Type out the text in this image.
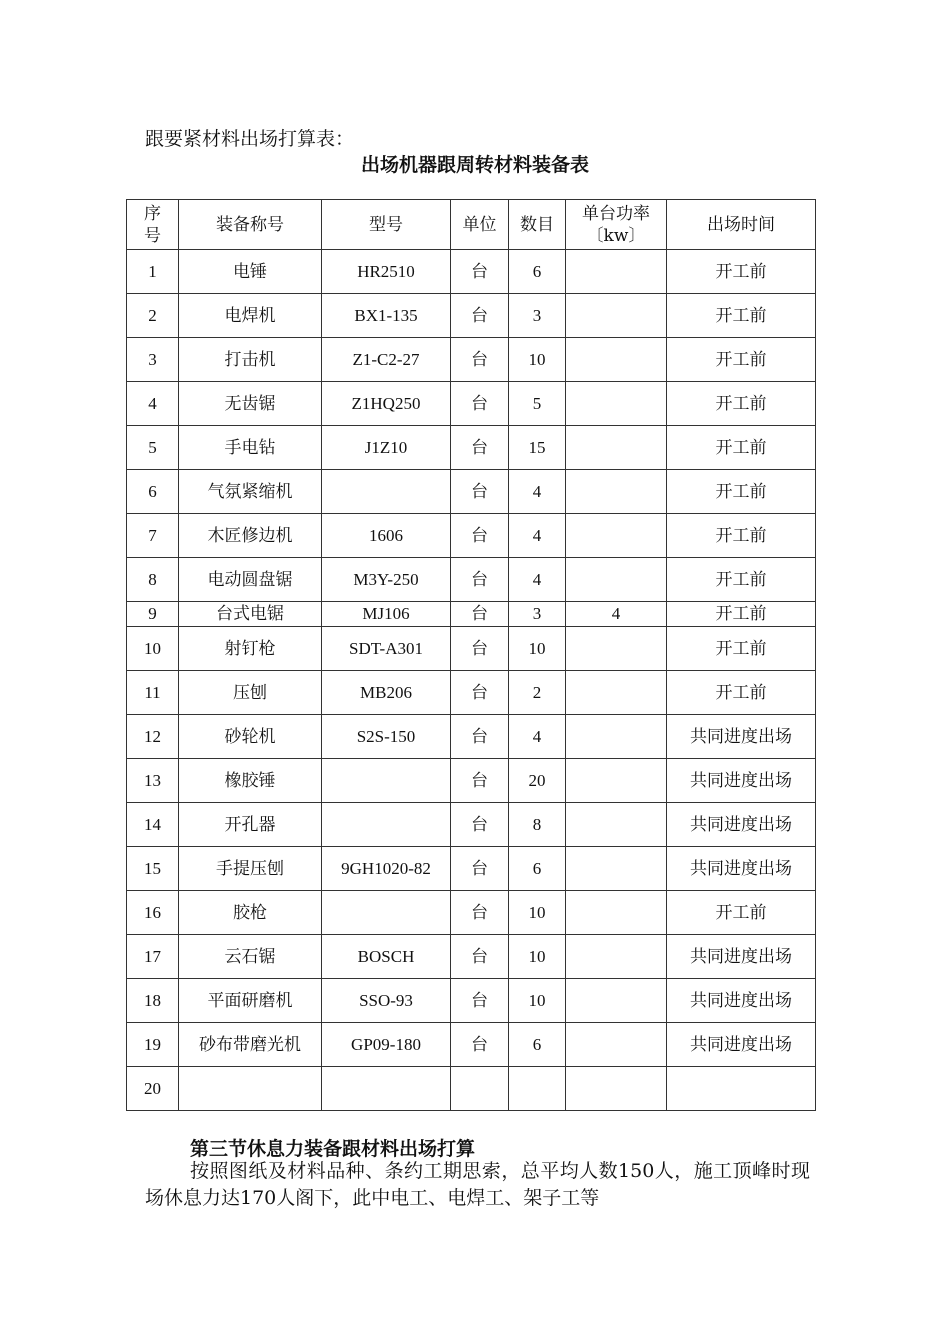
跟要紧材料出场打算表：
出场机器跟周转材料装备表
序号	装备称号	型号	单位	数目	单台功率〔kw〕	出场时间
1	电锤	HR2510	台	6		开工前
2	电焊机	BX1-135	台	3		开工前
3	打击机	Z1-C2-27	台	10		开工前
4	无齿锯	Z1HQ250	台	5		开工前
5	手电钻	J1Z10	台	15		开工前
6	气氛紧缩机		台	4		开工前
7	木匠修边机	1606	台	4		开工前
8	电动圆盘锯	M3Y-250	台	4		开工前
9	台式电锯	MJ106	台	3	4	开工前
10	射钉枪	SDT-A301	台	10		开工前
11	压刨	MB206	台	2		开工前
12	砂轮机	S2S-150	台	4		共同进度出场
13	橡胶锤		台	20		共同进度出场
14	开孔器		台	8		共同进度出场
15	手提压刨	9GH1020-82	台	6		共同进度出场
16	胶枪		台	10		开工前
17	云石锯	BOSCH	台	10		共同进度出场
18	平面研磨机	SSO-93	台	10		共同进度出场
19	砂布带磨光机	GP09-180	台	6		共同进度出场
20						
第三节休息力装备跟材料出场打算
按照图纸及材料品种、条约工期思索，总平均人数150人，施工顶峰时现场休息力达170人阁下，此中电工、电焊工、架子工等
